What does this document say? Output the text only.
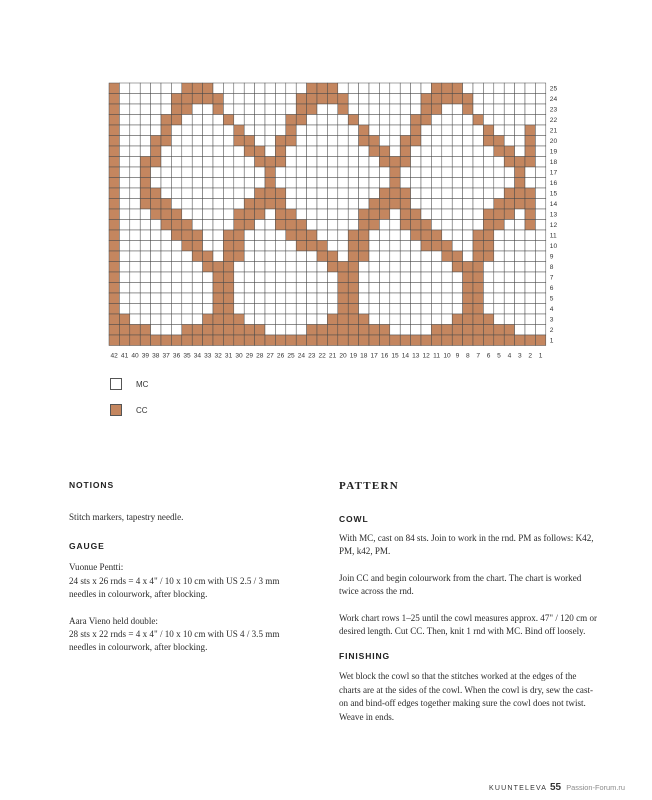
25
24
23
22
21
20
19
18
17
16
15
14
13
12
11
10
9
8
7
6
5
4
3
2
1
42 41 40 39 38 37 36 35 34 33 32 31 30 29 28 27 26 25 24 23 22 21 20 19 18 17 16 15 14 13 12 11 10 9 8 7 6 5 4 3 2 1
MC
CC
NOTIONS

Stitch markers, tapestry needle.

GAUGE

Vuonue Pentti:
24 sts x 26 rnds = 4 x 4" / 10 x 10 cm with US 2.5 / 3 mm
needles in colourwork, after blocking.

Aara Vieno held double:
28 sts x 22 rnds = 4 x 4" / 10 x 10 cm with US 4 / 3.5 mm
needles in colourwork, after blocking.

PATTERN
COWL

With MC, cast on 84 sts. Join to work in the rnd. PM as follows: K42, PM, k42, PM.

Join CC and begin colourwork from the chart. The chart is worked twice across the rnd.

Work chart rows 1–25 until the cowl measures approx. 47" / 120 cm or desired length. Cut CC. Then, knit 1 rnd with MC. Bind off loosely.

FINISHING

Wet block the cowl so that the stitches worked at the edges of the charts are at the sides of the cowl. When the cowl is dry, sew the cast-on and bind-off edges together making sure the cowl does not twist. Weave in ends.

KUUNTELEVA 55 Passion-Forum.ru
